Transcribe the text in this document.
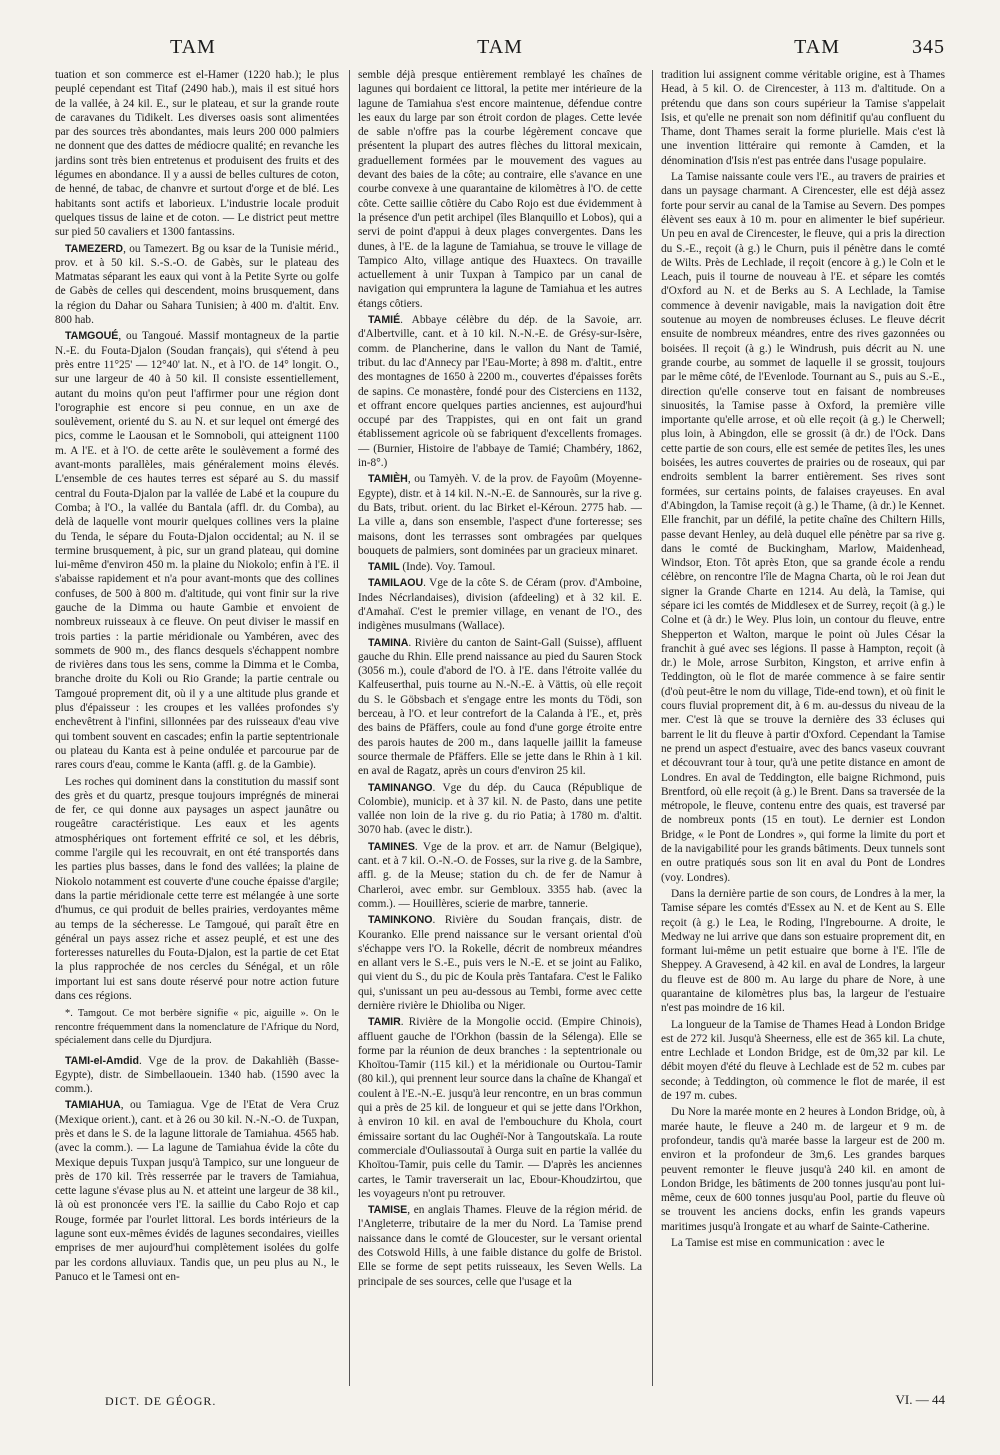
TAM	TAM	TAM	345

tuation et son commerce est el-Hamer (1220 hab.); le plus peuplé cependant est Titaf (2490 hab.), mais il est situé hors de la vallée, à 24 kil. E., sur le plateau, et sur la grande route de caravanes du Tidikelt. Les diverses oasis sont alimentées par des sources très abondantes, mais leurs 200 000 palmiers ne donnent que des dattes de médiocre qualité; en revanche les jardins sont très bien entretenus et produisent des fruits et des légumes en abondance. Il y a aussi de belles cultures de coton, de henné, de tabac, de chanvre et surtout d'orge et de blé. Les habitants sont actifs et laborieux. L'industrie locale produit quelques tissus de laine et de coton. — Le district peut mettre sur pied 50 cavaliers et 1300 fantassins.

TAMEZERD, ou Tamezert. Bg ou ksar de la Tunisie mérid., prov. et à 50 kil. S.-S.-O. de Gabès, sur le plateau des Matmatas séparant les eaux qui vont à la Petite Syrte ou golfe de Gabès de celles qui descendent, moins brusquement, dans la région du Dahar ou Sahara Tunisien; à 400 m. d'altit. Env. 800 hab.

TAMGOUÉ, ou Tangoué. Massif montagneux de la partie N.-E. du Fouta-Djalon (Soudan français), qui s'étend à peu près entre 11°25' — 12°40' lat. N., et à l'O. de 14° longit. O., sur une largeur de 40 à 50 kil. Il consiste essentiellement, autant du moins qu'on peut l'affirmer pour une région dont l'orographie est encore si peu connue, en un axe de soulèvement, orienté du S. au N. et sur lequel ont émergé des pics, comme le Laousan et le Somnoboli, qui atteignent 1100 m. A l'E. et à l'O. de cette arête le soulèvement a formé des avant-monts parallèles, mais généralement moins élevés. L'ensemble de ces hautes terres est séparé au S. du massif central du Fouta-Djalon par la vallée de Labé et la coupure du Comba; à l'O., la vallée du Bantala (affl. dr. du Comba), au delà de laquelle vont mourir quelques collines vers la plaine du Tenda, le sépare du Fouta-Djalon occidental; au N. il se termine brusquement, à pic, sur un grand plateau, qui domine lui-même d'environ 450 m. la plaine du Niokolo; enfin à l'E. il s'abaisse rapidement et n'a pour avant-monts que des collines confuses, de 500 à 800 m. d'altitude, qui vont finir sur la rive gauche de la Dimma ou haute Gambie et envoient de nombreux ruisseaux à ce fleuve. On peut diviser le massif en trois parties : la partie méridionale ou Yambéren, avec des sommets de 900 m., des flancs desquels s'échappent nombre de rivières dans tous les sens, comme la Dimma et le Comba, branche droite du Koli ou Rio Grande; la partie centrale ou Tamgoué proprement dit, où il y a une altitude plus grande et plus d'épaisseur : les croupes et les vallées profondes s'y enchevêtrent à l'infini, sillonnées par des ruisseaux d'eau vive qui tombent souvent en cascades; enfin la partie septentrionale ou plateau du Kanta est à peine ondulée et parcourue par de rares cours d'eau, comme le Kanta (affl. g. de la Gambie).

Les roches qui dominent dans la constitution du massif sont des grès et du quartz, presque toujours imprégnés de minerai de fer, ce qui donne aux paysages un aspect jaunâtre ou rougeâtre caractéristique. Les eaux et les agents atmosphériques ont fortement effrité ce sol, et les débris, comme l'argile qui les recouvrait, en ont été transportés dans les parties plus basses, dans le fond des vallées; la plaine de Niokolo notamment est couverte d'une couche épaisse d'argile; dans la partie méridionale cette terre est mélangée à une sorte d'humus, ce qui produit de belles prairies, verdoyantes même au temps de la sécheresse. Le Tamgoué, qui paraît être en général un pays assez riche et assez peuplé, et est une des forteresses naturelles du Fouta-Djalon, est la partie de cet Etat la plus rapprochée de nos cercles du Sénégal, et un rôle important lui est sans doute réservé pour notre action future dans ces régions.

*. Tamgout. Ce mot berbère signifie « pic, aiguille ». On le rencontre fréquemment dans la nomenclature de l'Afrique du Nord, spécialement dans celle du Djurdjura.

TAMI-el-Amdid. Vge de la prov. de Dakahlièh (Basse-Egypte), distr. de Simbellaouein. 1340 hab. (1590 avec la comm.).

TAMIAHUA, ou Tamiagua. Vge de l'Etat de Vera Cruz (Mexique orient.), cant. et à 26 ou 30 kil. N.-N.-O. de Tuxpan, près et dans le S. de la lagune littorale de Tamiahua. 4565 hab. (avec la comm.). — La lagune de Tamiahua évide la côte du Mexique depuis Tuxpan jusqu'à Tampico, sur une longueur de près de 170 kil. Très resserrée par le travers de Tamiahua, cette lagune s'évase plus au N. et atteint une largeur de 38 kil., là où est prononcée vers l'E. la saillie du Cabo Rojo et cap Rouge, formée par l'ourlet littoral. Les bords intérieurs de la lagune sont eux-mêmes évidés de lagunes secondaires, vieilles emprises de mer aujourd'hui complètement isolées du golfe par les cordons alluviaux. Tandis que, un peu plus au N., le Panuco et le Tamesi ont en-

semble déjà presque entièrement remblayé les chaînes de lagunes qui bordaient ce littoral, la petite mer intérieure de la lagune de Tamiahua s'est encore maintenue, défendue contre les eaux du large par son étroit cordon de plages. Cette levée de sable n'offre pas la courbe légèrement concave que présentent la plupart des autres flèches du littoral mexicain, graduellement formées par le mouvement des vagues au devant des baies de la côte; au contraire, elle s'avance en une courbe convexe à une quarantaine de kilomètres à l'O. de cette côte. Cette saillie côtière du Cabo Rojo est due évidemment à la présence d'un petit archipel (îles Blanquillo et Lobos), qui a servi de point d'appui à deux plages convergentes. Dans les dunes, à l'E. de la lagune de Tamiahua, se trouve le village de Tampico Alto, village antique des Huaxtecs. On travaille actuellement à unir Tuxpan à Tampico par un canal de navigation qui emprunterа la lagune de Tamiahua et les autres étangs côtiers.

TAMIÉ. Abbaye célèbre du dép. de la Savoie, arr. d'Albertville, cant. et à 10 kil. N.-N.-E. de Grésy-sur-Isère, comm. de Plancherine, dans le vallon du Nant de Tamié, tribut. du lac d'Annecy par l'Eau-Morte; à 898 m. d'altit., entre des montagnes de 1650 à 2200 m., couvertes d'épaisses forêts de sapins. Ce monastère, fondé pour des Cisterciens en 1132, et offrant encore quelques parties anciennes, est aujourd'hui occupé par des Trappistes, qui en ont fait un grand établissement agricole où se fabriquent d'excellents fromages. — (Burnier, Histoire de l'abbaye de Tamié; Chambéry, 1862, in-8°.)

TAMIÈH, ou Tamyèh. V. de la prov. de Fayoûm (Moyenne-Egypte), distr. et à 14 kil. N.-N.-E. de Sannourès, sur la rive g. du Bats, tribut. orient. du lac Birket el-Kéroun. 2775 hab. — La ville a, dans son ensemble, l'aspect d'une forteresse; ses maisons, dont les terrasses sont ombragées par quelques bouquets de palmiers, sont dominées par un gracieux minaret.

TAMIL (Inde). Voy. Tamoul.

TAMILAOU. Vge de la côte S. de Céram (prov. d'Amboine, Indes Nécrlandaises), division (afdeeling) et à 32 kil. E. d'Amahaï. C'est le premier village, en venant de l'O., des indigènes musulmans (Wallace).

TAMINA. Rivière du canton de Saint-Gall (Suisse), affluent gauche du Rhin. Elle prend naissance au pied du Sauren Stock (3056 m.), coule d'abord de l'O. à l'E. dans l'étroite vallée du Kalfeuserthal, puis tourne au N.-N.-E. à Vättis, où elle reçoit du S. le Göbsbach et s'engage entre les monts du Tödi, son berceau, à l'O. et leur contrefort de la Calanda à l'E., et, près des bains de Pfäffers, coule au fond d'une gorge étroite entre des parois hautes de 200 m., dans laquelle jaillit la fameuse source thermale de Pfäffers. Elle se jette dans le Rhin à 1 kil. en aval de Ragatz, après un cours d'environ 25 kil.

TAMINANGO. Vge du dép. du Cauca (République de Colombie), municip. et à 37 kil. N. de Pasto, dans une petite vallée non loin de la rive g. du rio Patia; à 1780 m. d'altit. 3070 hab. (avec le distr.).

TAMINES. Vge de la prov. et arr. de Namur (Belgique), cant. et à 7 kil. O.-N.-O. de Fosses, sur la rive g. de la Sambre, affl. g. de la Meuse; station du ch. de fer de Namur à Charleroi, avec embr. sur Gembloux. 3355 hab. (avec la comm.). — Houillères, scierie de marbre, tannerie.

TAMINKONO. Rivière du Soudan français, distr. de Kouranko. Elle prend naissance sur le versant oriental d'où s'échappe vers l'O. la Rokelle, décrit de nombreux méandres en allant vers le S.-E., puis vers le N.-E. et se joint au Faliko, qui vient du S., du pic de Koula près Tantafara. C'est le Faliko qui, s'unissant un peu au-dessous au Tembi, forme avec cette dernière rivière le Dhioliba ou Niger.

TAMIR. Rivière de la Mongolie occid. (Empire Chinois), affluent gauche de l'Orkhon (bassin de la Sélenga). Elle se forme par la réunion de deux branches : la septentrionale ou Khoïtou-Tamir (115 kil.) et la méridionale ou Ourtou-Tamir (80 kil.), qui prennent leur source dans la chaîne de Khangaï et coulent à l'E.-N.-E. jusqu'à leur rencontre, en un bras commun qui a près de 25 kil. de longueur et qui se jette dans l'Orkhon, à environ 10 kil. en aval de l'embouchure du Khola, court émissaire sortant du lac Oughéï-Nor à Tangoutskaïa. La route commerciale d'Ouliassoutaï à Ourga suit en partie la vallée du Khoïtou-Tamir, puis celle du Tamir. — D'après les anciennes cartes, le Tamir traverserait un lac, Ebour-Khoudzirtou, que les voyageurs n'ont pu retrouver.

TAMISE, en anglais Thames. Fleuve de la région mérid. de l'Angleterre, tributaire de la mer du Nord. La Tamise prend naissance dans le comté de Gloucester, sur le versant oriental des Cotswold Hills, à une faible distance du golfe de Bristol. Elle se forme de sept petits ruisseaux, les Seven Wells. La principale de ses sources, celle que l'usage et la

tradition lui assignent comme véritable origine, est à Thames Head, à 5 kil. O. de Cirencester, à 113 m. d'altitude. On a prétendu que dans son cours supérieur la Tamise s'appelait Isis, et qu'elle ne prenait son nom définitif qu'au confluent du Thame, dont Thames serait la forme plurielle. Mais c'est là une invention littéraire qui remonte à Camden, et la dénomination d'Isis n'est pas entrée dans l'usage populaire.

La Tamise naissante coule vers l'E., au travers de prairies et dans un paysage charmant. A Cirencester, elle est déjà assez forte pour servir au canal de la Tamise au Severn. Des pompes élèvent ses eaux à 10 m. pour en alimenter le bief supérieur. Un peu en aval de Cirencester, le fleuve, qui a pris la direction du S.-E., reçoit (à g.) le Churn, puis il pénètre dans le comté de Wilts. Près de Lechlade, il reçoit (encore à g.) le Coln et le Leach, puis il tourne de nouveau à l'E. et sépare les comtés d'Oxford au N. et de Berks au S. A Lechlade, la Tamise commence à devenir navigable, mais la navigation doit être soutenue au moyen de nombreuses écluses. Le fleuve décrit ensuite de nombreux méandres, entre des rives gazonnées ou boisées. Il reçoit (à g.) le Windrush, puis décrit au N. une grande courbe, au sommet de laquelle il se grossit, toujours par le même côté, de l'Evenlode. Tournant au S., puis au S.-E., direction qu'elle conserve tout en faisant de nombreuses sinuosités, la Tamise passe à Oxford, la première ville importante qu'elle arrose, et où elle reçoit (à g.) le Cherwell; plus loin, à Abingdon, elle se grossit (à dr.) de l'Ock. Dans cette partie de son cours, elle est semée de petites îles, les unes boisées, les autres couvertes de prairies ou de roseaux, qui par endroits semblent la barrer entièrement. Ses rives sont formées, sur certains points, de falaises crayeuses. En aval d'Abingdon, la Tamise reçoit (à g.) le Thame, (à dr.) le Kennet. Elle franchit, par un défilé, la petite chaîne des Chiltern Hills, passe devant Henley, au delà duquel elle pénètre par sa rive g. dans le comté de Buckingham, Marlow, Maidenhead, Windsor, Eton. Tôt après Eton, que sa grande école a rendu célèbre, on rencontre l'île de Magna Charta, où le roi Jean dut signer la Grande Charte en 1214. Au delà, la Tamise, qui sépare ici les comtés de Middlesex et de Surrey, reçoit (à g.) le Colne et (à dr.) le Wey. Plus loin, un contour du fleuve, entre Shepperton et Walton, marque le point où Jules César la franchit à gué avec ses légions. Il passe à Hampton, reçoit (à dr.) le Mole, arrose Surbiton, Kingston, et arrive enfin à Teddington, où le flot de marée commence à se faire sentir (d'où peut-être le nom du village, Tide-end town), et où finit le cours fluvial proprement dit, à 6 m. au-dessus du niveau de la mer. C'est là que se trouve la dernière des 33 écluses qui barrent le lit du fleuve à partir d'Oxford. Cependant la Tamise ne prend un aspect d'estuaire, avec des bancs vaseux couvrant et découvrant tour à tour, qu'à une petite distance en amont de Londres. En aval de Teddington, elle baigne Richmond, puis Brentford, où elle reçoit (à g.) le Brent. Dans sa traversée de la métropole, le fleuve, contenu entre des quais, est traversé par de nombreux ponts (15 en tout). Le dernier est London Bridge, « le Pont de Londres », qui forme la limite du port et de la navigabilité pour les grands bâtiments. Deux tunnels sont en outre pratiqués sous son lit en aval du Pont de Londres (voy. Londres).

Dans la dernière partie de son cours, de Londres à la mer, la Tamise sépare les comtés d'Essex au N. et de Kent au S. Elle reçoit (à g.) le Lea, le Roding, l'Ingrebourne. A droite, le Medway ne lui arrive que dans son estuaire proprement dit, en formant lui-même un petit estuaire que borne à l'E. l'île de Sheppey. A Gravesend, à 42 kil. en aval de Londres, la largeur du fleuve est de 800 m. Au large du phare de Nore, à une quarantaine de kilomètres plus bas, la largeur de l'estuaire n'est pas moindre de 16 kil.

La longueur de la Tamise de Thames Head à London Bridge est de 272 kil. Jusqu'à Sheerness, elle est de 365 kil. La chute, entre Lechlade et London Bridge, est de 0m,32 par kil. Le débit moyen d'été du fleuve à Lechlade est de 52 m. cubes par seconde; à Teddington, où commence le flot de marée, il est de 197 m. cubes.

Du Nore la marée monte en 2 heures à London Bridge, où, à marée haute, le fleuve a 240 m. de largeur et 9 m. de profondeur, tandis qu'à marée basse la largeur est de 200 m. environ et la profondeur de 3m,6. Les grandes barques peuvent remonter le fleuve jusqu'à 240 kil. en amont de London Bridge, les bâtiments de 200 tonnes jusqu'au pont lui-même, ceux de 600 tonnes jusqu'au Pool, partie du fleuve où se trouvent les anciens docks, enfin les grands vapeurs maritimes jusqu'à Irongate et au wharf de Sainte-Catherine.

La Tamise est mise en communication : avec le

DICT. DE GÉOGR.	VI. — 44
